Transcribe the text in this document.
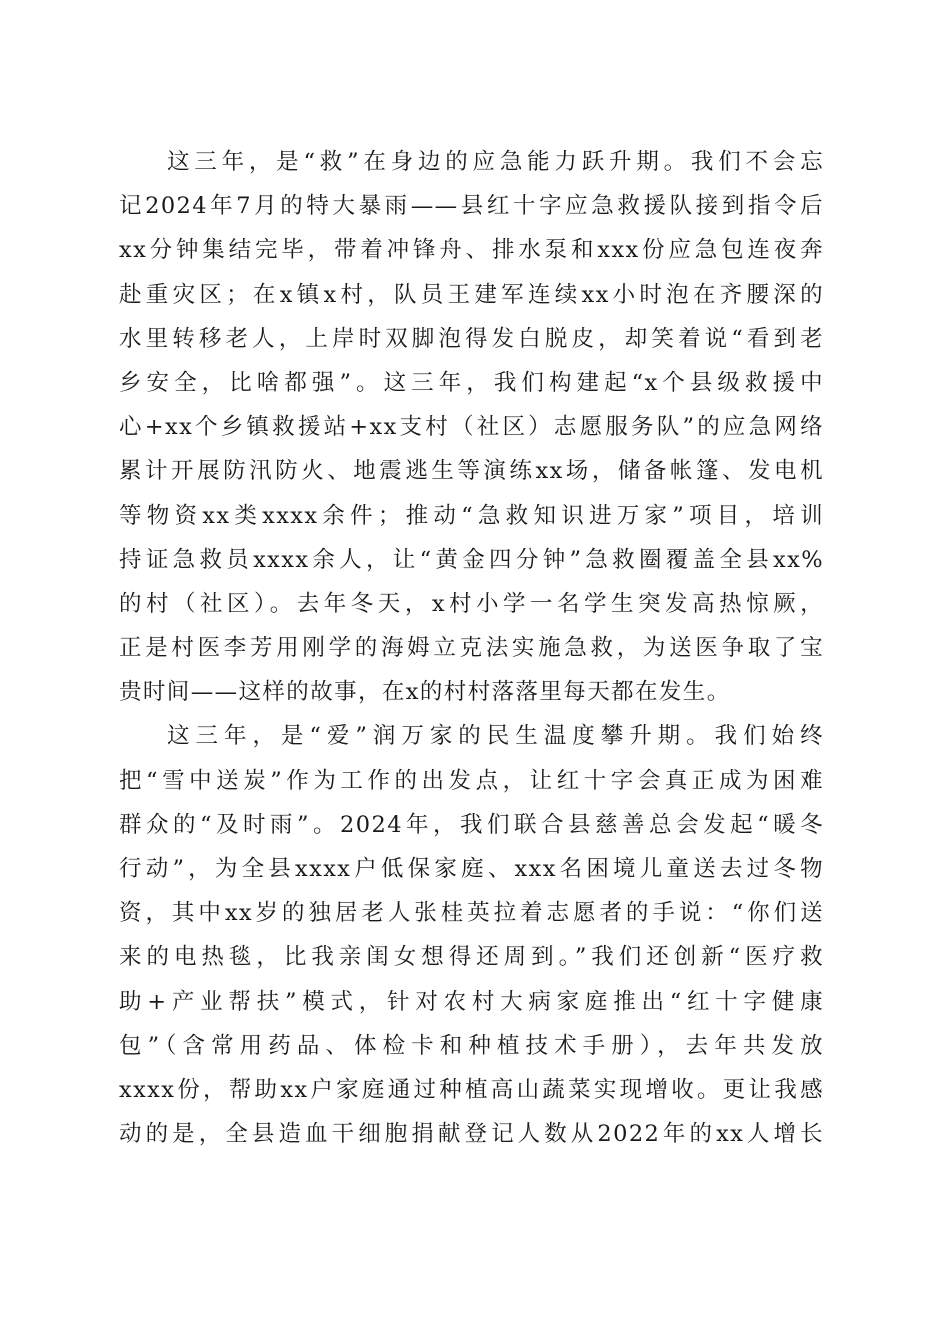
这三年，是“救”在身边的应急能力跃升期。我们不会忘
记2024年7月的特大暴雨——县红十字应急救援队接到指令后
xx分钟集结完毕，带着冲锋舟、排水泵和xxx份应急包连夜奔
赴重灾区；在x镇x村，队员王建军连续xx小时泡在齐腰深的
水里转移老人，上岸时双脚泡得发白脱皮，却笑着说“看到老
乡安全，比啥都强”。这三年，我们构建起“x个县级救援中
心+xx个乡镇救援站+xx支村（社区）志愿服务队”的应急网络
累计开展防汛防火、地震逃生等演练xx场，储备帐篷、发电机
等物资xx类xxxx余件；推动“急救知识进万家”项目，培训
持证急救员xxxx余人，让“黄金四分钟”急救圈覆盖全县xx%
的村（社区）。去年冬天，x村小学一名学生突发高热惊厥，
正是村医李芳用刚学的海姆立克法实施急救，为送医争取了宝
贵时间——这样的故事，在x的村村落落里每天都在发生。

这三年，是“爱”润万家的民生温度攀升期。我们始终
把“雪中送炭”作为工作的出发点，让红十字会真正成为困难
群众的“及时雨”。2024年，我们联合县慈善总会发起“暖冬
行动”，为全县xxxx户低保家庭、xxx名困境儿童送去过冬物
资，其中xx岁的独居老人张桂英拉着志愿者的手说：“你们送
来的电热毯，比我亲闺女想得还周到。”我们还创新“医疗救
助+产业帮扶”模式，针对农村大病家庭推出“红十字健康
包”（含常用药品、体检卡和种植技术手册），去年共发放
xxxx份，帮助xx户家庭通过种植高山蔬菜实现增收。更让我感
动的是，全县造血干细胞捐献登记人数从2022年的xx人增长
